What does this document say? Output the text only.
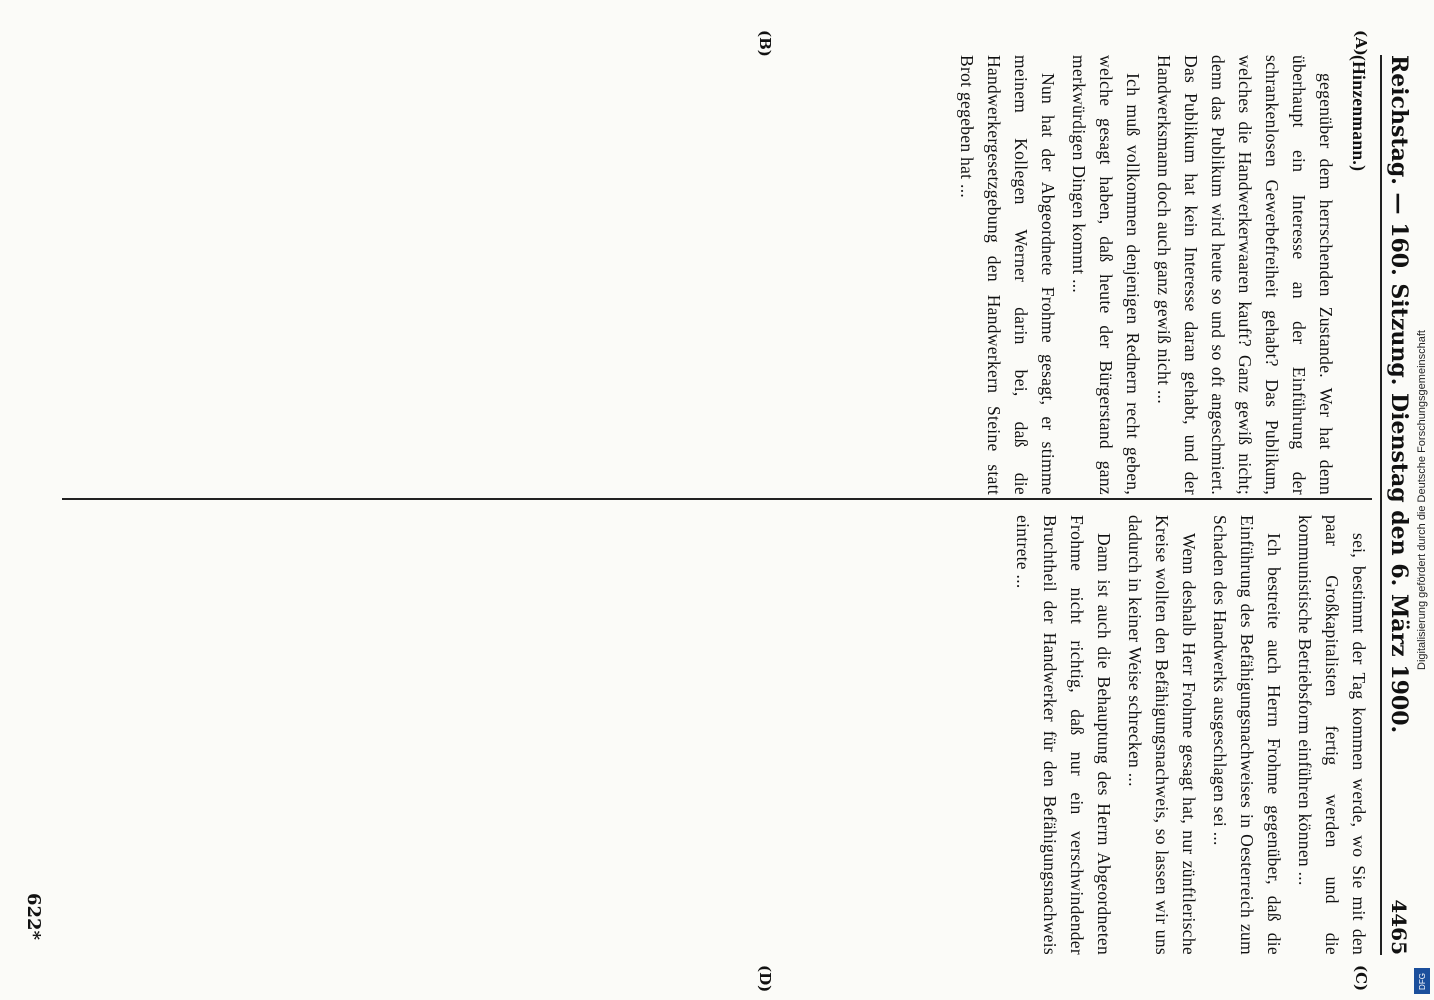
Reichstag. — 160. Sitzung. Dienstag den 6. März 1900.
4465
(A)
(B)
(C)
(D)

(Hinzenmann.)

gegenüber dem herrschenden Zustande. Wer hat denn überhaupt ein Interesse an der Einführung der schrankenlosen Gewerbefreiheit gehabt? Das Publikum, welches die Handwerkerwaaren kauft? Ganz gewiß nicht; denn das Publikum wird heute so und so oft angeschmiert. Das Publikum hat kein Interesse daran gehabt, und der Handwerksmann doch auch ganz gewiß nicht ...

Ich muß vollkommen denjenigen Rednern recht geben, welche gesagt haben, daß heute der Bürgerstand ganz merkwürdigen Dingen kommt ...

Nun hat der Abgeordnete Frohme gesagt, er stimme meinem Kollegen Werner darin bei, daß die Handwerkergesetzgebung den Handwerkern Steine statt Brot gegeben hat ...

sei, bestimmt der Tag kommen werde, wo Sie mit den paar Großkapitalisten fertig werden und die kommunistische Betriebsform einführen können ...

Ich bestreite auch Herrn Frohme gegenüber, daß die Einführung des Befähigungsnachweises in Oesterreich zum Schaden des Handwerks ausgeschlagen sei ...

Wenn deshalb Herr Frohme gesagt hat, nur zünftlerische Kreise wollten den Befähigungsnachweis, so lassen wir uns dadurch in keiner Weise schrecken ...

Dann ist auch die Behauptung des Herrn Abgeordneten Frohme nicht richtig, daß nur ein verschwindender Bruchtheil der Handwerker für den Befähigungsnachweis eintrete ...

622*
Digitalisierung gefördert durch die Deutsche Forschungsgemeinschaft
DFG
